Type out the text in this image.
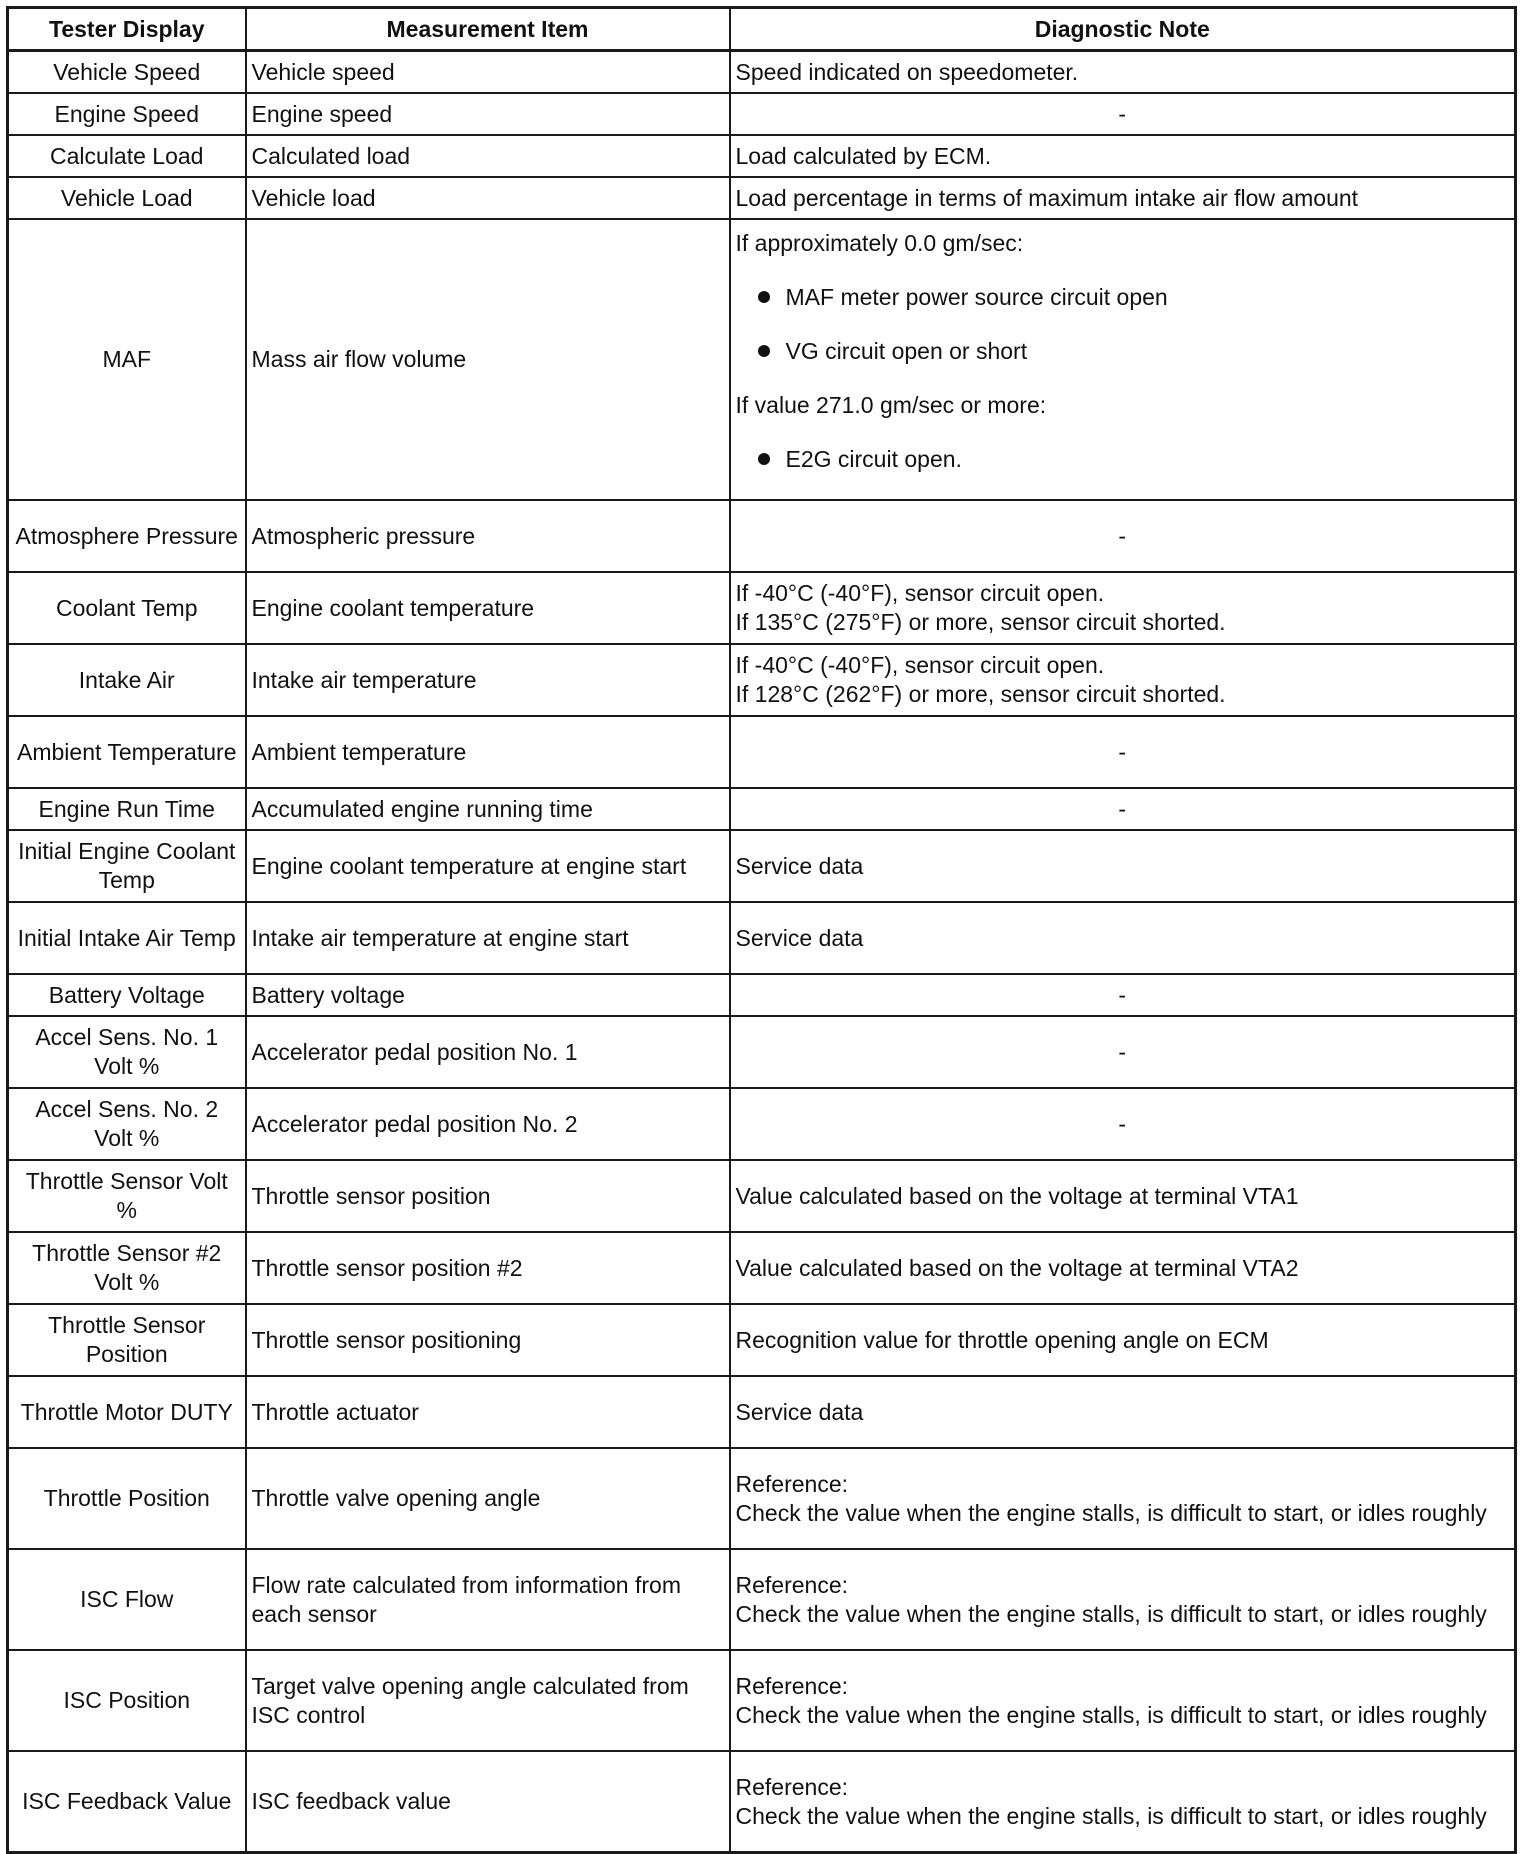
Tester Display	Measurement Item	Diagnostic Note
Vehicle Speed	Vehicle speed	Speed indicated on speedometer.
Engine Speed	Engine speed	-
Calculate Load	Calculated load	Load calculated by ECM.
Vehicle Load	Vehicle load	Load percentage in terms of maximum intake air flow amount
MAF	Mass air flow volume	If approximately 0.0 gm/sec:
MAF meter power source circuit open
VG circuit open or short
If value 271.0 gm/sec or more:
E2G circuit open.

Atmosphere Pressure	Atmospheric pressure	-
Coolant Temp	Engine coolant temperature	If -40°C (-40°F), sensor circuit open.
If 135°C (275°F) or more, sensor circuit shorted.

Intake Air	Intake air temperature	If -40°C (-40°F), sensor circuit open.
If 128°C (262°F) or more, sensor circuit shorted.

Ambient Temperature	Ambient temperature	-
Engine Run Time	Accumulated engine running time	-
Initial Engine Coolant Temp	Engine coolant temperature at engine start	Service data
Initial Intake Air Temp	Intake air temperature at engine start	Service data
Battery Voltage	Battery voltage	-
Accel Sens. No. 1 Volt %	Accelerator pedal position No. 1	-
Accel Sens. No. 2 Volt %	Accelerator pedal position No. 2	-
Throttle Sensor Volt %	Throttle sensor position	Value calculated based on the voltage at terminal VTA1
Throttle Sensor #2 Volt %	Throttle sensor position #2	Value calculated based on the voltage at terminal VTA2
Throttle Sensor Position	Throttle sensor positioning	Recognition value for throttle opening angle on ECM
Throttle Motor DUTY	Throttle actuator	Service data
Throttle Position	Throttle valve opening angle	Reference:
Check the value when the engine stalls, is difficult to start, or idles roughly

ISC Flow	Flow rate calculated from information from each sensor	Reference:
Check the value when the engine stalls, is difficult to start, or idles roughly

ISC Position	Target valve opening angle calculated from ISC control	Reference:
Check the value when the engine stalls, is difficult to start, or idles roughly

ISC Feedback Value	ISC feedback value	Reference:
Check the value when the engine stalls, is difficult to start, or idles roughly
